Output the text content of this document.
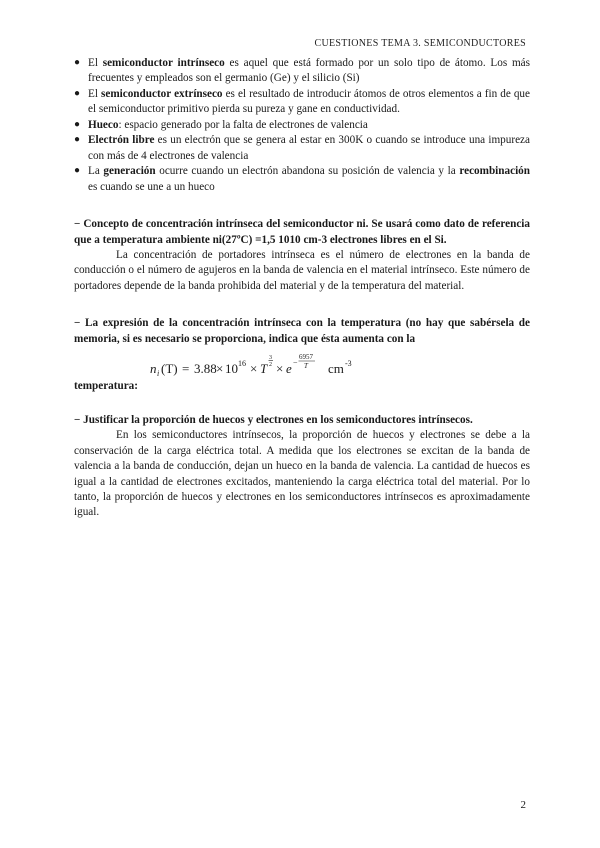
CUESTIONES TEMA 3. SEMICONDUCTORES
● El semiconductor intrínseco es aquel que está formado por un solo tipo de átomo. Los más frecuentes y empleados son el germanio (Ge) y el silicio (Si)
● El semiconductor extrínseco es el resultado de introducir átomos de otros elementos a fin de que el semiconductor primitivo pierda su pureza y gane en conductividad.
● Hueco: espacio generado por la falta de electrones de valencia
● Electrón libre es un electrón que se genera al estar en 300K o cuando se introduce una impureza con más de 4 electrones de valencia
● La generación ocurre cuando un electrón abandona su posición de valencia y la recombinación es cuando se une a un hueco

− Concepto de concentración intrínseca del semiconductor ni. Se usará como dato de referencia que a temperatura ambiente ni(27ºC) =1,5 1010 cm-3 electrones libres en el Si.

La concentración de portadores intrínseca es el número de electrones en la banda de conducción o el número de agujeros en la banda de valencia en el material intrínseco. Este número de portadores depende de la banda prohibida del material y de la temperatura del material.

− La expresión de la concentración intrínseca con la temperatura (no hay que sabérsela de memoria, si es necesario se proporciona, indica que ésta aumenta con la

n i (T) = 3.88 × 10 16 × T
3
2 × e −
6957
T cm -3

temperatura:

− Justificar la proporción de huecos y electrones en los semiconductores intrínsecos.

En los semiconductores intrínsecos, la proporción de huecos y electrones se debe a la conservación de la carga eléctrica total. A medida que los electrones se excitan de la banda de valencia a la banda de conducción, dejan un hueco en la banda de valencia. La cantidad de huecos es igual a la cantidad de electrones excitados, manteniendo la carga eléctrica total del material. Por lo tanto, la proporción de huecos y electrones en los semiconductores intrínsecos es aproximadamente igual.

2
